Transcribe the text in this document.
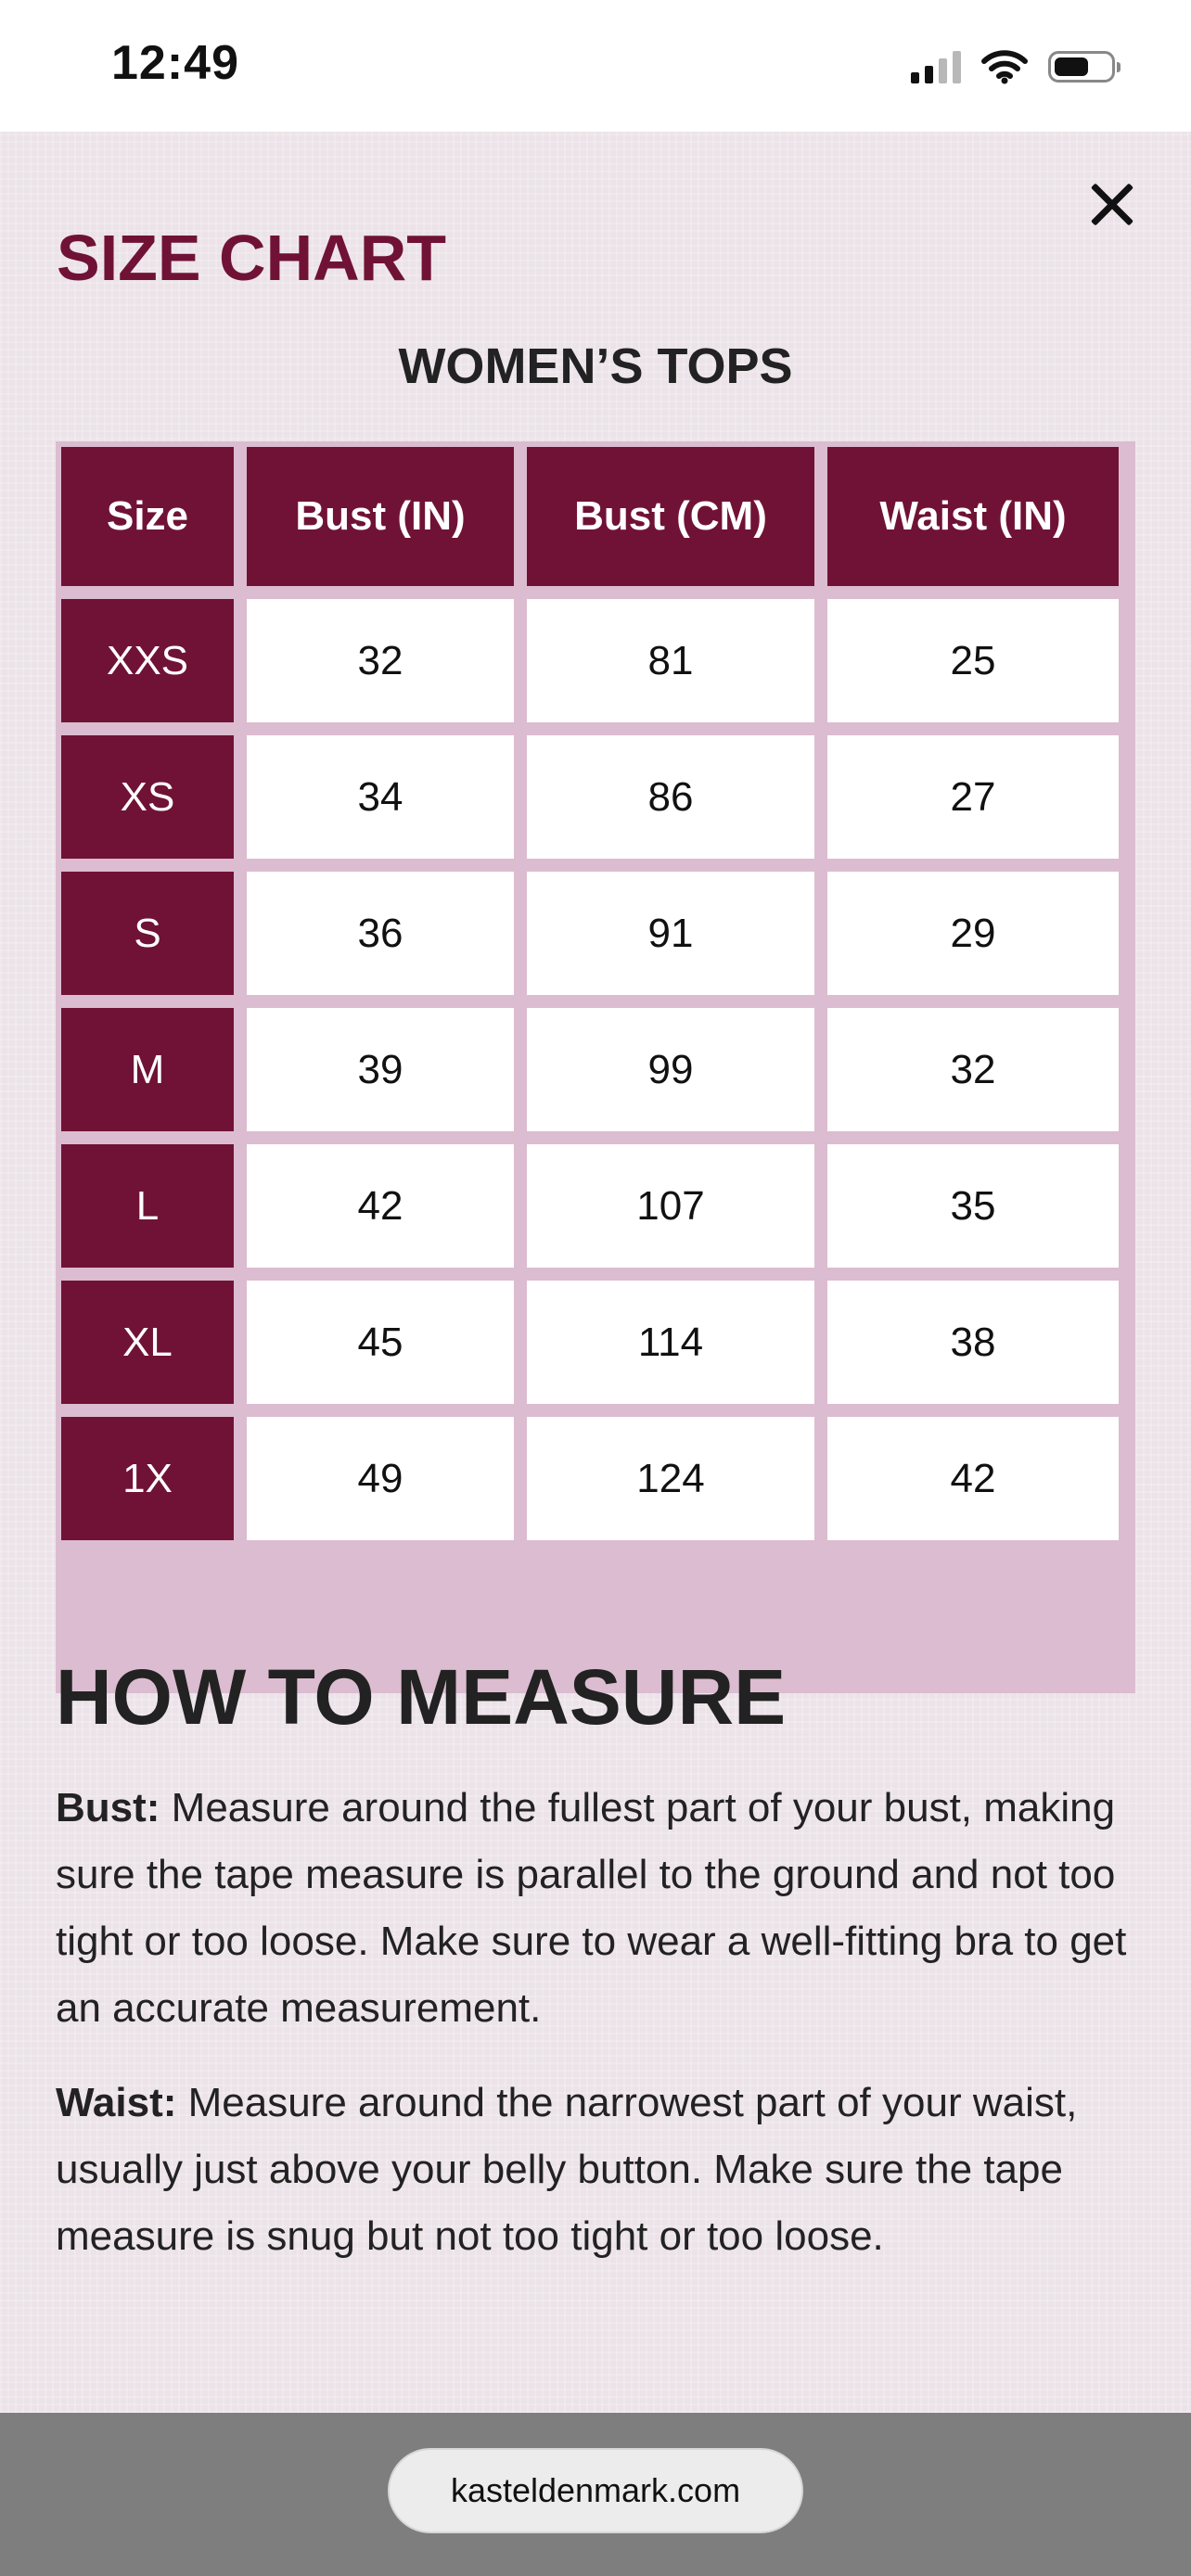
12:49
SIZE CHART
WOMEN’S TOPS
Size	Bust (IN)	Bust (CM)	Waist (IN)
XXS	32	81	25
XS	34	86	27
S	36	91	29
M	39	99	32
L	42	107	35
XL	45	114	38
1X	49	124	42
HOW TO MEASURE

Bust: Measure around the fullest part of your bust, making sure the tape measure is parallel to the ground and not too tight or too loose. Make sure to wear a well-fitting bra to get an accurate measurement.

Waist: Measure around the narrowest part of your waist, usually just above your belly button. Make sure the tape measure is snug but not too tight or too loose.

kasteldenmark.com
